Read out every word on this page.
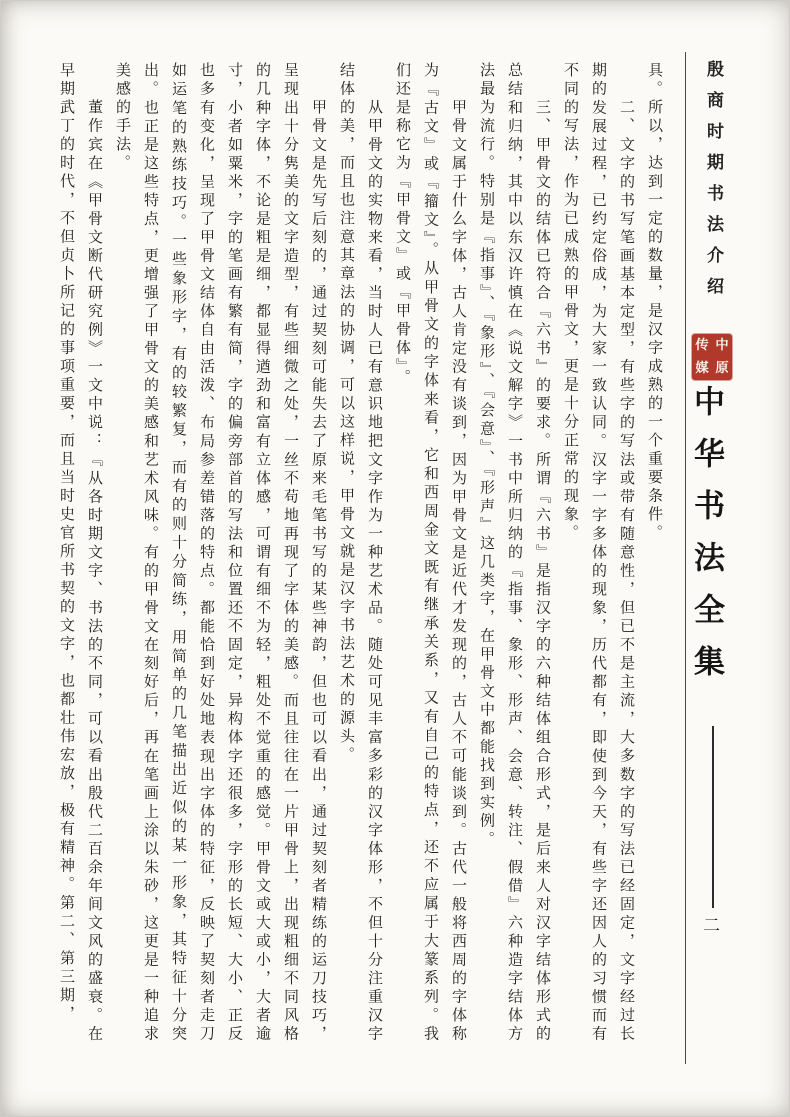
具。所以，达到一定的数量，是汉字成熟的一个重要条件。

二、文字的书写笔画基本定型，有些字的写法或带有随意性，但已不是主流，大多数字的写法已经固定，文字经过长期的发展过程，已约定俗成，为大家一致认同。汉字一字多体的现象，历代都有，即使到今天，有些字还因人的习惯而有不同的写法，作为已成熟的甲骨文，更是十分正常的现象。

三、甲骨文的结体已符合『六书』的要求。所谓『六书』是指汉字的六种结体组合形式，是后来人对汉字结体形式的总结和归纳，其中以东汉许慎在《说文解字》一书中所归纳的『指事、象形、形声、会意、转注、假借』六种造字结体方法最为流行。特别是『指事』、『象形』、『会意』、『形声』这几类字，在甲骨文中都能找到实例。

甲骨文属于什么字体，古人肯定没有谈到，因为甲骨文是近代才发现的，古人不可能谈到。古代一般将西周的字体称为『古文』或『籀文』。从甲骨文的字体来看，它和西周金文既有继承关系，又有自己的特点，还不应属于大篆系列。我们还是称它为『甲骨文』或『甲骨体』。

从甲骨文的实物来看，当时人已有意识地把文字作为一种艺术品。随处可见丰富多彩的汉字体形，不但十分注重汉字结体的美，而且也注意其章法的协调，可以这样说，甲骨文就是汉字书法艺术的源头。

甲骨文是先写后刻的，通过契刻可能失去了原来毛笔书写的某些神韵，但也可以看出，通过契刻者精练的运刀技巧，呈现出十分隽美的文字造型，有些细微之处，一丝不苟地再现了字体的美感。而且往往在一片甲骨上，出现粗细不同风格的几种字体，不论是粗是细，都显得遒劲和富有立体感，可谓有细不为轻，粗处不觉重的感觉。甲骨文或大或小，大者逾寸，小者如粟米，字的笔画有繁有简，字的偏旁部首的写法和位置还不固定，异构体字还很多，字形的长短、大小、正反也多有变化，呈现了甲骨文结体自由活泼、布局参差错落的特点。都能恰到好处地表现出字体的特征，反映了契刻者走刀如运笔的熟练技巧。一些象形字，有的较繁复，而有的则十分简练，用简单的几笔描出近似的某一形象，其特征十分突出。也正是这些特点，更增强了甲骨文的美感和艺术风味。有的甲骨文在刻好后，再在笔画上涂以朱砂，这更是一种追求美感的手法。

董作宾在《甲骨文断代研究例》一文中说：『从各时期文字、书法的不同，可以看出殷代二百余年间文风的盛衰。在早期武丁的时代，不但贞卜所记的事项重要，而且当时史官所书契的文字，也都壮伟宏放，极有精神。第二、第三期，	殷商时期书法介绍
传 中
媒 原
中华书法全集
二
